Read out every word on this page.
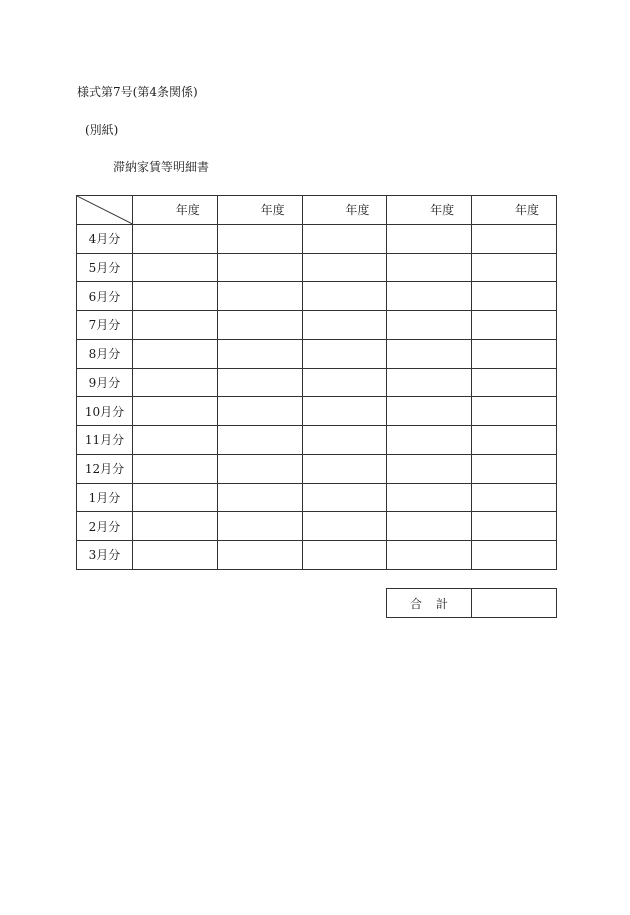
様式第7号(第4条関係)
(別紙)
滞納家賃等明細書
	年度	年度	年度	年度	年度
4月分					
5月分					
6月分					
7月分					
8月分					
9月分					
10月分					
11月分					
12月分					
1月分					
2月分					
3月分					
合計	
